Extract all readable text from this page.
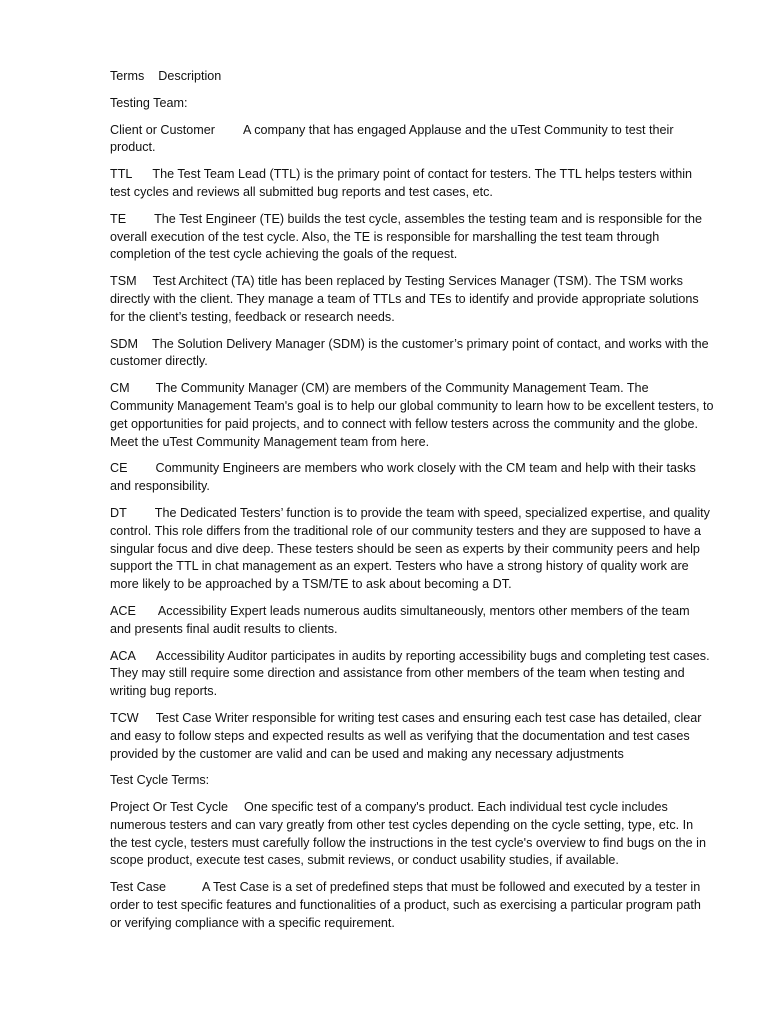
Terms Description

Testing Team:

Client or Customer A company that has engaged Applause and the uTest Community to test their product.

TTL The Test Team Lead (TTL) is the primary point of contact for testers. The TTL helps testers within test cycles and reviews all submitted bug reports and test cases, etc.

TE The Test Engineer (TE) builds the test cycle, assembles the testing team and is responsible for the overall execution of the test cycle. Also, the TE is responsible for marshalling the test team through completion of the test cycle achieving the goals of the request.

TSM Test Architect (TA) title has been replaced by Testing Services Manager (TSM). The TSM works directly with the client. They manage a team of TTLs and TEs to identify and provide appropriate solutions for the client’s testing, feedback or research needs.

SDM The Solution Delivery Manager (SDM) is the customer’s primary point of contact, and works with the customer directly.

CM The Community Manager (CM) are members of the Community Management Team. The Community Management Team's goal is to help our global community to learn how to be excellent testers, to get opportunities for paid projects, and to connect with fellow testers across the community and the globe. Meet the uTest Community Management team from here.

CE Community Engineers are members who work closely with the CM team and help with their tasks and responsibility.

DT The Dedicated Testers’ function is to provide the team with speed, specialized expertise, and quality control. This role differs from the traditional role of our community testers and they are supposed to have a singular focus and dive deep. These testers should be seen as experts by their community peers and help support the TTL in chat management as an expert. Testers who have a strong history of quality work are more likely to be approached by a TSM/TE to ask about becoming a DT.

ACE Accessibility Expert leads numerous audits simultaneously, mentors other members of the team and presents final audit results to clients.

ACA Accessibility Auditor participates in audits by reporting accessibility bugs and completing test cases. They may still require some direction and assistance from other members of the team when testing and writing bug reports.

TCW Test Case Writer responsible for writing test cases and ensuring each test case has detailed, clear and easy to follow steps and expected results as well as verifying that the documentation and test cases provided by the customer are valid and can be used and making any necessary adjustments

Test Cycle Terms:

Project Or Test Cycle One specific test of a company's product. Each individual test cycle includes numerous testers and can vary greatly from other test cycles depending on the cycle setting, type, etc. In the test cycle, testers must carefully follow the instructions in the test cycle's overview to find bugs on the in scope product, execute test cases, submit reviews, or conduct usability studies, if available.

Test Case	A Test Case is a set of predefined steps that must be followed and executed by a tester in order to test specific features and functionalities of a product, such as exercising a particular program path or verifying compliance with a specific requirement.
